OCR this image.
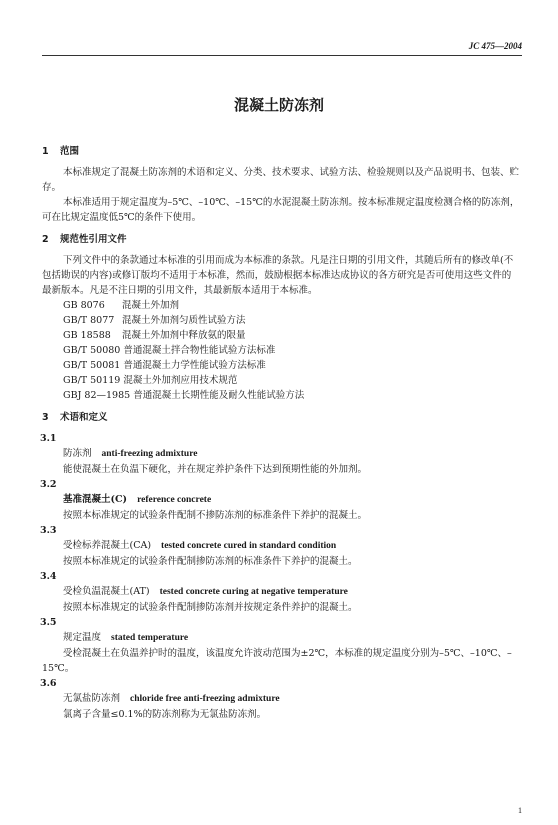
JC 475—2004
混凝土防冻剂
1 范围

本标准规定了混凝土防冻剂的术语和定义、分类、技术要求、试验方法、检验规则以及产品说明书、包装、贮存。

本标准适用于规定温度为–5℃、–10℃、–15℃的水泥混凝土防冻剂。按本标准规定温度检测合格的防冻剂，可在比规定温度低5℃的条件下使用。

2 规范性引用文件

下列文件中的条款通过本标准的引用而成为本标准的条款。凡是注日期的引用文件，其随后所有的修改单(不包括勘误的内容)或修订版均不适用于本标准，然而，鼓励根据本标准达成协议的各方研究是否可使用这些文件的最新版本。凡是不注日期的引用文件，其最新版本适用于本标准。

GB 8076 混凝土外加剂
GB/T 8077 混凝土外加剂匀质性试验方法
GB 18588 混凝土外加剂中释放氨的限量
GB/T 50080 普通混凝土拌合物性能试验方法标准
GB/T 50081 普通混凝土力学性能试验方法标准
GB/T 50119 混凝土外加剂应用技术规范
GBJ 82—1985 普通混凝土长期性能及耐久性能试验方法
3 术语和定义
3.1
防冻剂 anti-freezing admixture
能使混凝土在负温下硬化，并在规定养护条件下达到预期性能的外加剂。
3.2
基准混凝土(C) reference concrete
按照本标准规定的试验条件配制不掺防冻剂的标准条件下养护的混凝土。
3.3
受检标养混凝土(CA) tested concrete cured in standard condition
按照本标准规定的试验条件配制掺防冻剂的标准条件下养护的混凝土。
3.4
受检负温混凝土(AT) tested concrete curing at negative temperature
按照本标准规定的试验条件配制掺防冻剂并按规定条件养护的混凝土。
3.5
规定温度 stated temperature
受检混凝土在负温养护时的温度，该温度允许波动范围为±2℃，本标准的规定温度分别为–5℃、–10℃、–15℃。
3.6
无氯盐防冻剂 chloride free anti-freezing admixture
氯离子含量≤0.1%的防冻剂称为无氯盐防冻剂。
1
